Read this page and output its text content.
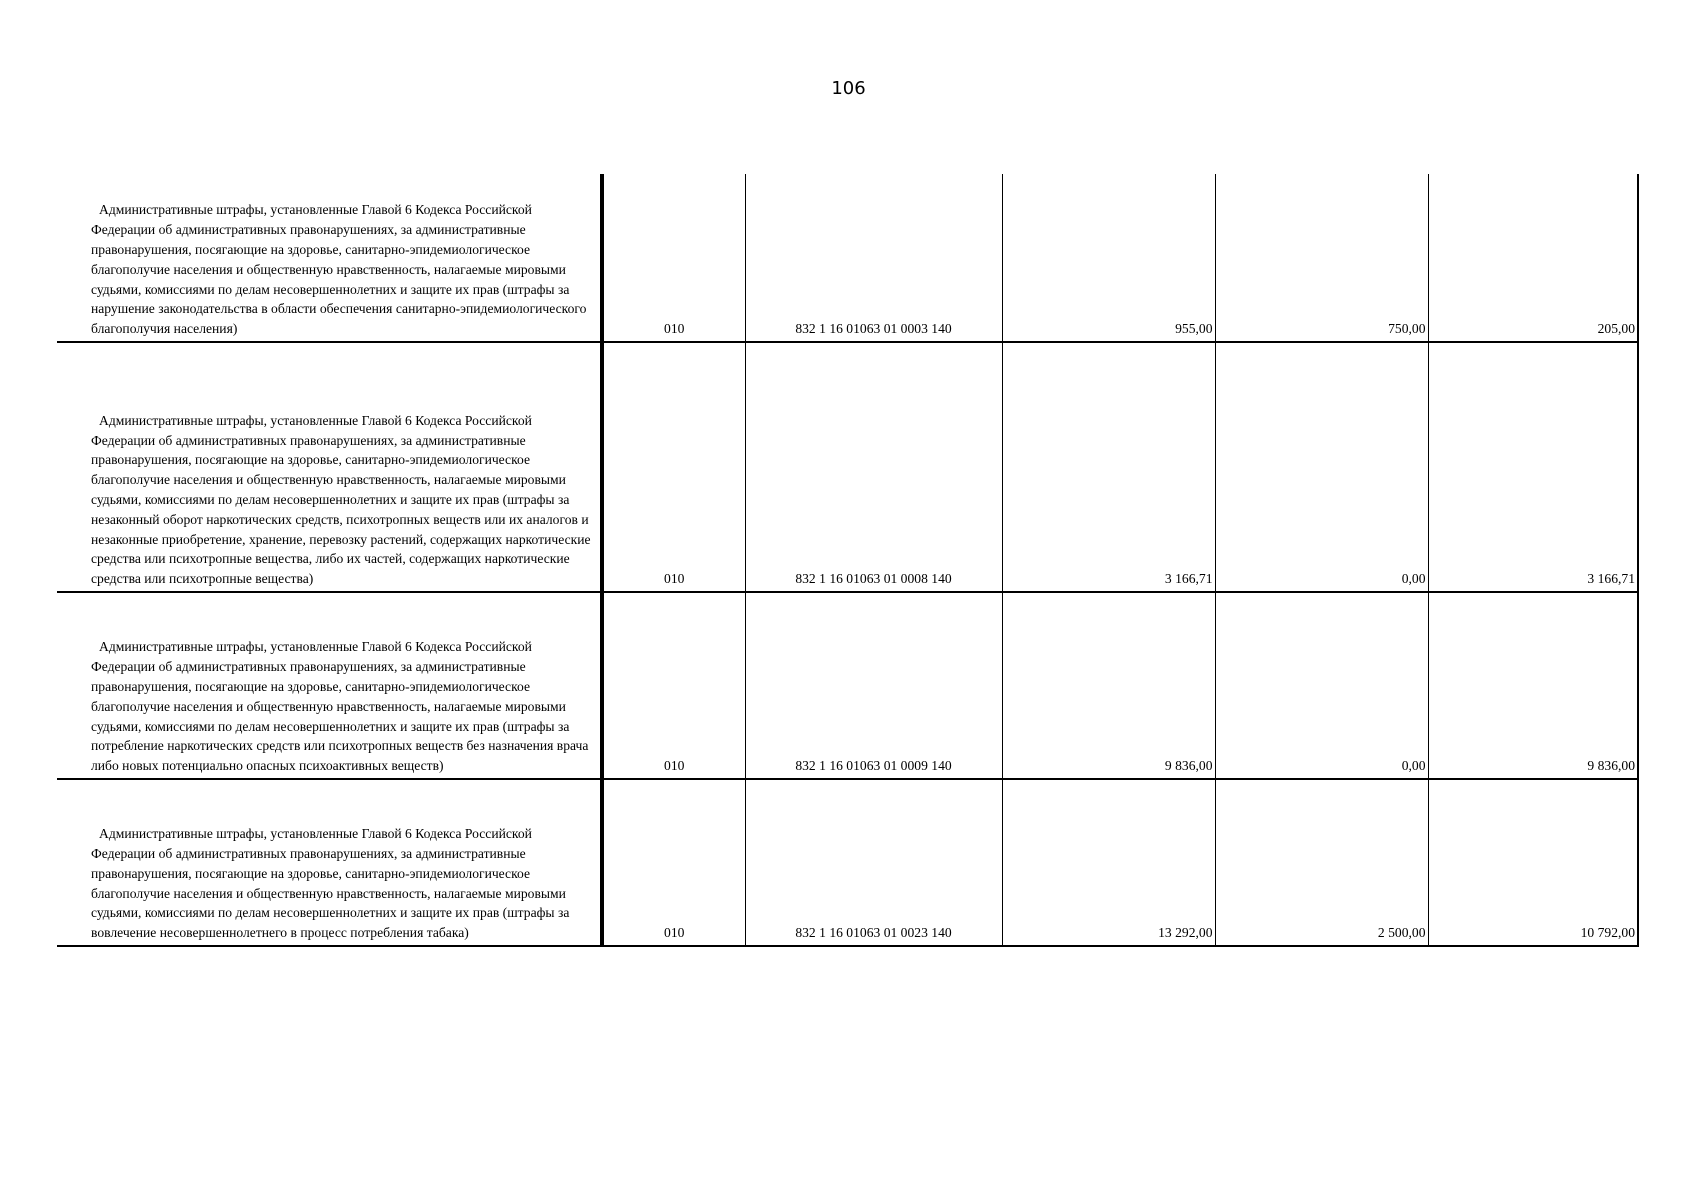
106
Административные штрафы, установленные Главой 6 Кодекса Российской Федерации об административных правонарушениях, за административные правонарушения, посягающие на здоровье, санитарно-эпидемиологическое благополучие населения и общественную нравственность, налагаемые мировыми судьями, комиссиями по делам несовершеннолетних и защите их прав (штрафы за нарушение законодательства в области обеспечения санитарно-эпидемиологического благополучия населения)	010	832 1 16 01063 01 0003 140	955,00	750,00	205,00
Административные штрафы, установленные Главой 6 Кодекса Российской Федерации об административных правонарушениях, за административные правонарушения, посягающие на здоровье, санитарно-эпидемиологическое благополучие населения и общественную нравственность, налагаемые мировыми судьями, комиссиями по делам несовершеннолетних и защите их прав (штрафы за незаконный оборот наркотических средств, психотропных веществ или их аналогов и незаконные приобретение, хранение, перевозку растений, содержащих наркотические средства или психотропные вещества, либо их частей, содержащих наркотические средства или психотропные вещества)	010	832 1 16 01063 01 0008 140	3 166,71	0,00	3 166,71
Административные штрафы, установленные Главой 6 Кодекса Российской Федерации об административных правонарушениях, за административные правонарушения, посягающие на здоровье, санитарно-эпидемиологическое благополучие населения и общественную нравственность, налагаемые мировыми судьями, комиссиями по делам несовершеннолетних и защите их прав (штрафы за потребление наркотических средств или психотропных веществ без назначения врача либо новых потенциально опасных психоактивных веществ)	010	832 1 16 01063 01 0009 140	9 836,00	0,00	9 836,00
Административные штрафы, установленные Главой 6 Кодекса Российской Федерации об административных правонарушениях, за административные правонарушения, посягающие на здоровье, санитарно-эпидемиологическое благополучие населения и общественную нравственность, налагаемые мировыми судьями, комиссиями по делам несовершеннолетних и защите их прав (штрафы за вовлечение несовершеннолетнего в процесс потребления табака)	010	832 1 16 01063 01 0023 140	13 292,00	2 500,00	10 792,00
